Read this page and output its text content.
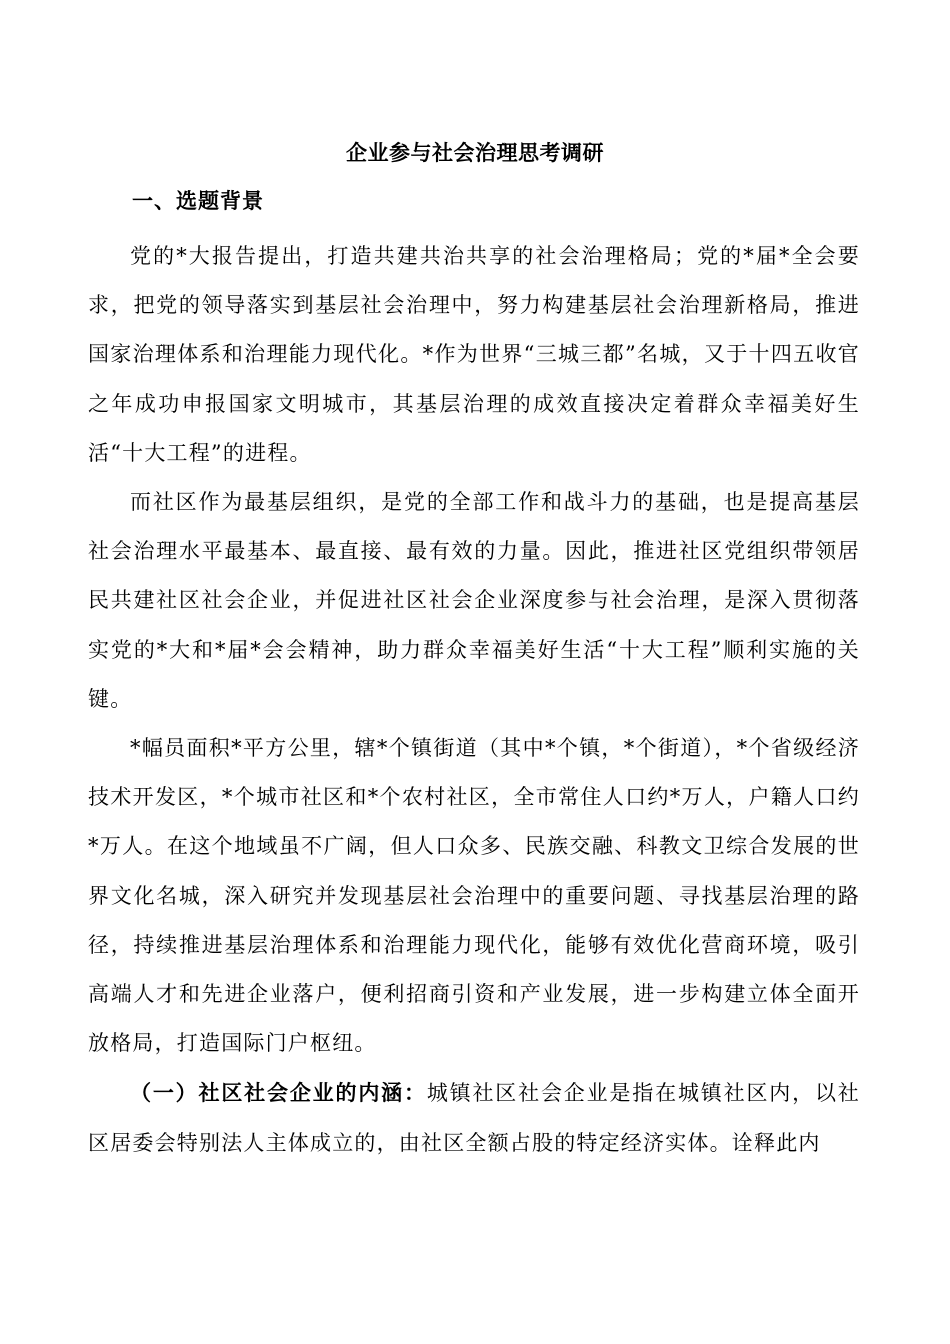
企业参与社会治理思考调研
一、选题背景

党的*大报告提出，打造共建共治共享的社会治理格局；党的*届*全会要求，把党的领导落实到基层社会治理中，努力构建基层社会治理新格局，推进国家治理体系和治理能力现代化。*作为世界“三城三都”名城，又于十四五收官之年成功申报国家文明城市，其基层治理的成效直接决定着群众幸福美好生活“十大工程”的进程。

而社区作为最基层组织，是党的全部工作和战斗力的基础，也是提高基层社会治理水平最基本、最直接、最有效的力量。因此，推进社区党组织带领居民共建社区社会企业，并促进社区社会企业深度参与社会治理，是深入贯彻落实党的*大和*届*会会精神，助力群众幸福美好生活“十大工程”顺利实施的关键。

*幅员面积*平方公里，辖*个镇街道（其中*个镇，*个街道），*个省级经济技术开发区，*个城市社区和*个农村社区，全市常住人口约*万人，户籍人口约*万人。在这个地域虽不广阔，但人口众多、民族交融、科教文卫综合发展的世界文化名城，深入研究并发现基层社会治理中的重要问题、寻找基层治理的路径，持续推进基层治理体系和治理能力现代化，能够有效优化营商环境，吸引高端人才和先进企业落户，便利招商引资和产业发展，进一步构建立体全面开放格局，打造国际门户枢纽。

（一）社区社会企业的内涵：城镇社区社会企业是指在城镇社区内，以社区居委会特别法人主体成立的，由社区全额占股的特定经济实体。诠释此内
